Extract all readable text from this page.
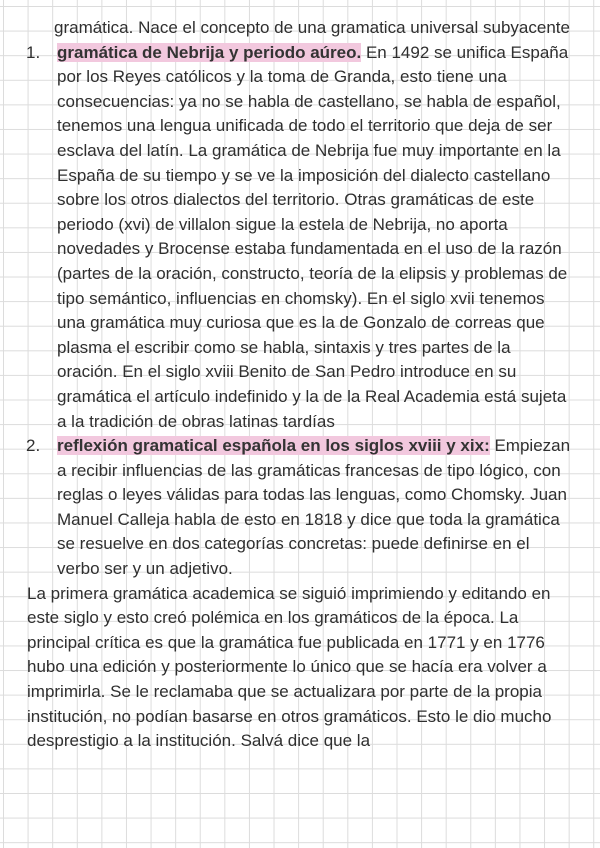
gramática. Nace el concepto de una gramatica universal subyacente

1. gramática de Nebrija y periodo aúreo. En 1492 se unifica España por los Reyes católicos y la toma de Granda, esto tiene una consecuencias: ya no se habla de castellano, se habla de español, tenemos una lengua unificada de todo el territorio que deja de ser esclava del latín. La gramática de Nebrija fue muy importante en la España de su tiempo y se ve la imposición del dialecto castellano sobre los otros dialectos del territorio. Otras gramáticas de este periodo (xvi) de villalon sigue la estela de Nebrija, no aporta novedades y Brocense estaba fundamentada en el uso de la razón (partes de la oración, constructo, teoría de la elipsis y problemas de tipo semántico, influencias en chomsky). En el siglo xvii tenemos una gramática muy curiosa que es la de Gonzalo de correas que plasma el escribir como se habla, sintaxis y tres partes de la oración. En el siglo xviii Benito de San Pedro introduce en su gramática el artículo indefinido y la de la Real Academia está sujeta a la tradición de obras latinas tardías
2. reflexión gramatical española en los siglos xviii y xix: Empiezan a recibir influencias de las gramáticas francesas de tipo lógico, con reglas o leyes válidas para todas las lenguas, como Chomsky. Juan Manuel Calleja habla de esto en 1818 y dice que toda la gramática se resuelve en dos categorías concretas: puede definirse en el verbo ser y un adjetivo.

La primera gramática academica se siguió imprimiendo y editando en este siglo y esto creó polémica en los gramáticos de la época. La principal crítica es que la gramática fue publicada en 1771 y en 1776 hubo una edición y posteriormente lo único que se hacía era volver a imprimirla. Se le reclamaba que se actualizara por parte de la propia institución, no podían basarse en otros gramáticos. Esto le dio mucho desprestigio a la institución. Salvá dice que la
